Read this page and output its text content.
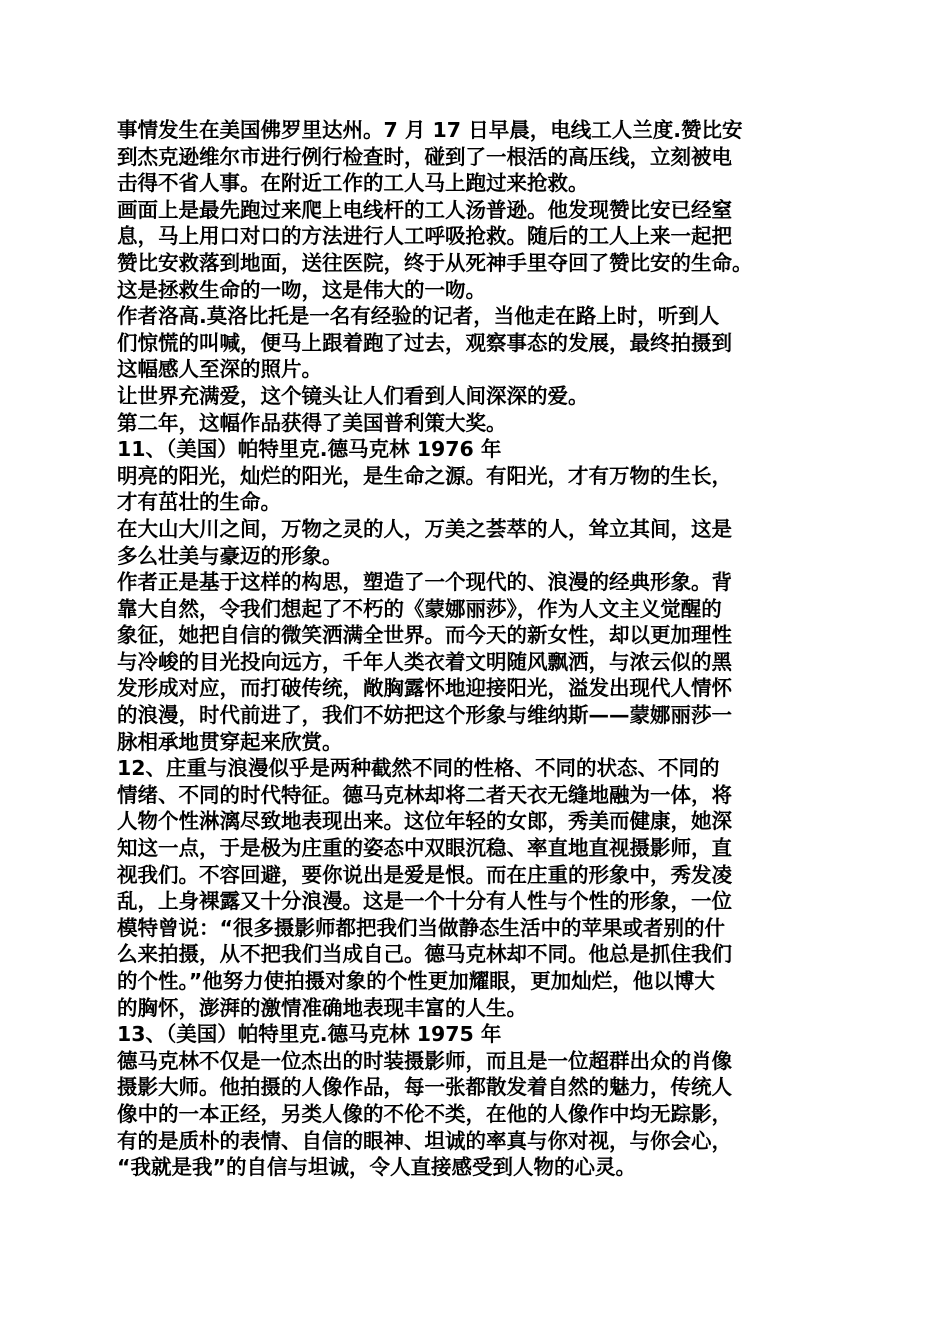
事情发生在美国佛罗里达州。7 月 17 日早晨，电线工人兰度.赞比安
到杰克逊维尔市进行例行检查时，碰到了一根活的高压线，立刻被电
击得不省人事。在附近工作的工人马上跑过来抢救。
画面上是最先跑过来爬上电线杆的工人汤普逊。他发现赞比安已经窒
息，马上用口对口的方法进行人工呼吸抢救。随后的工人上来一起把
赞比安救落到地面，送往医院，终于从死神手里夺回了赞比安的生命。
这是拯救生命的一吻，这是伟大的一吻。
作者洛高.莫洛比托是一名有经验的记者，当他走在路上时，听到人
们惊慌的叫喊，便马上跟着跑了过去，观察事态的发展，最终拍摄到
这幅感人至深的照片。
让世界充满爱，这个镜头让人们看到人间深深的爱。
第二年，这幅作品获得了美国普利策大奖。
11、（美国）帕特里克.德马克林 1976 年
明亮的阳光，灿烂的阳光，是生命之源。有阳光，才有万物的生长，
才有茁壮的生命。
在大山大川之间，万物之灵的人，万美之荟萃的人，耸立其间，这是
多么壮美与豪迈的形象。
作者正是基于这样的构思，塑造了一个现代的、浪漫的经典形象。背
靠大自然，令我们想起了不朽的《蒙娜丽莎》，作为人文主义觉醒的
象征，她把自信的微笑洒满全世界。而今天的新女性，却以更加理性
与冷峻的目光投向远方，千年人类衣着文明随风飘洒，与浓云似的黑
发形成对应，而打破传统，敞胸露怀地迎接阳光，溢发出现代人情怀
的浪漫，时代前进了，我们不妨把这个形象与维纳斯——蒙娜丽莎一
脉相承地贯穿起来欣赏。
12、庄重与浪漫似乎是两种截然不同的性格、不同的状态、不同的
情绪、不同的时代特征。德马克林却将二者天衣无缝地融为一体，将
人物个性淋漓尽致地表现出来。这位年轻的女郎，秀美而健康，她深
知这一点，于是极为庄重的姿态中双眼沉稳、率直地直视摄影师，直
视我们。不容回避，要你说出是爱是恨。而在庄重的形象中，秀发凌
乱，上身裸露又十分浪漫。这是一个十分有人性与个性的形象，一位
模特曾说：“很多摄影师都把我们当做静态生活中的苹果或者别的什
么来拍摄，从不把我们当成自己。德马克林却不同。他总是抓住我们
的个性。”他努力使拍摄对象的个性更加耀眼，更加灿烂，他以博大
的胸怀，澎湃的激情准确地表现丰富的人生。
13、（美国）帕特里克.德马克林 1975 年
德马克林不仅是一位杰出的时装摄影师，而且是一位超群出众的肖像
摄影大师。他拍摄的人像作品，每一张都散发着自然的魅力，传统人
像中的一本正经，另类人像的不伦不类，在他的人像作中均无踪影，
有的是质朴的表情、自信的眼神、坦诚的率真与你对视，与你会心，
“我就是我”的自信与坦诚，令人直接感受到人物的心灵。
